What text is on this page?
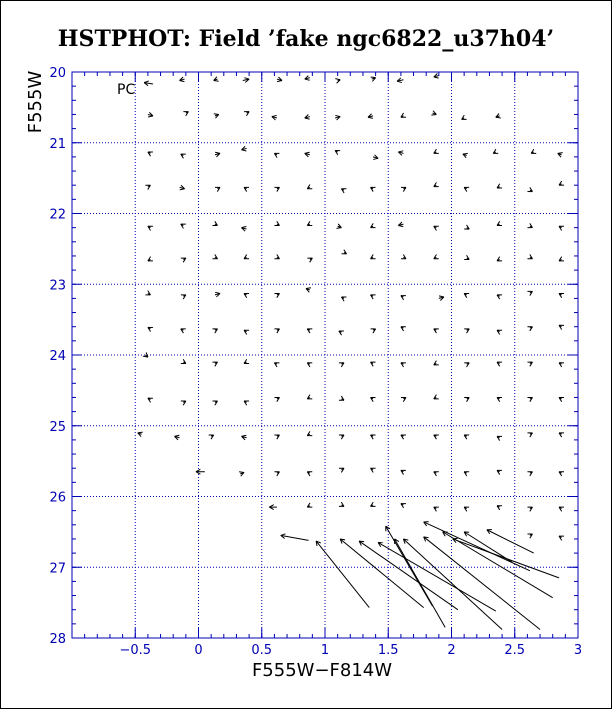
HSTPHOT: Field ’fake ngc6822_u37h04’
−0.5	0	0.5	1	1.5	2	2.5	3
20
21
22
23
24
25
26
27
28
PC
F555W−F814W
F555W
